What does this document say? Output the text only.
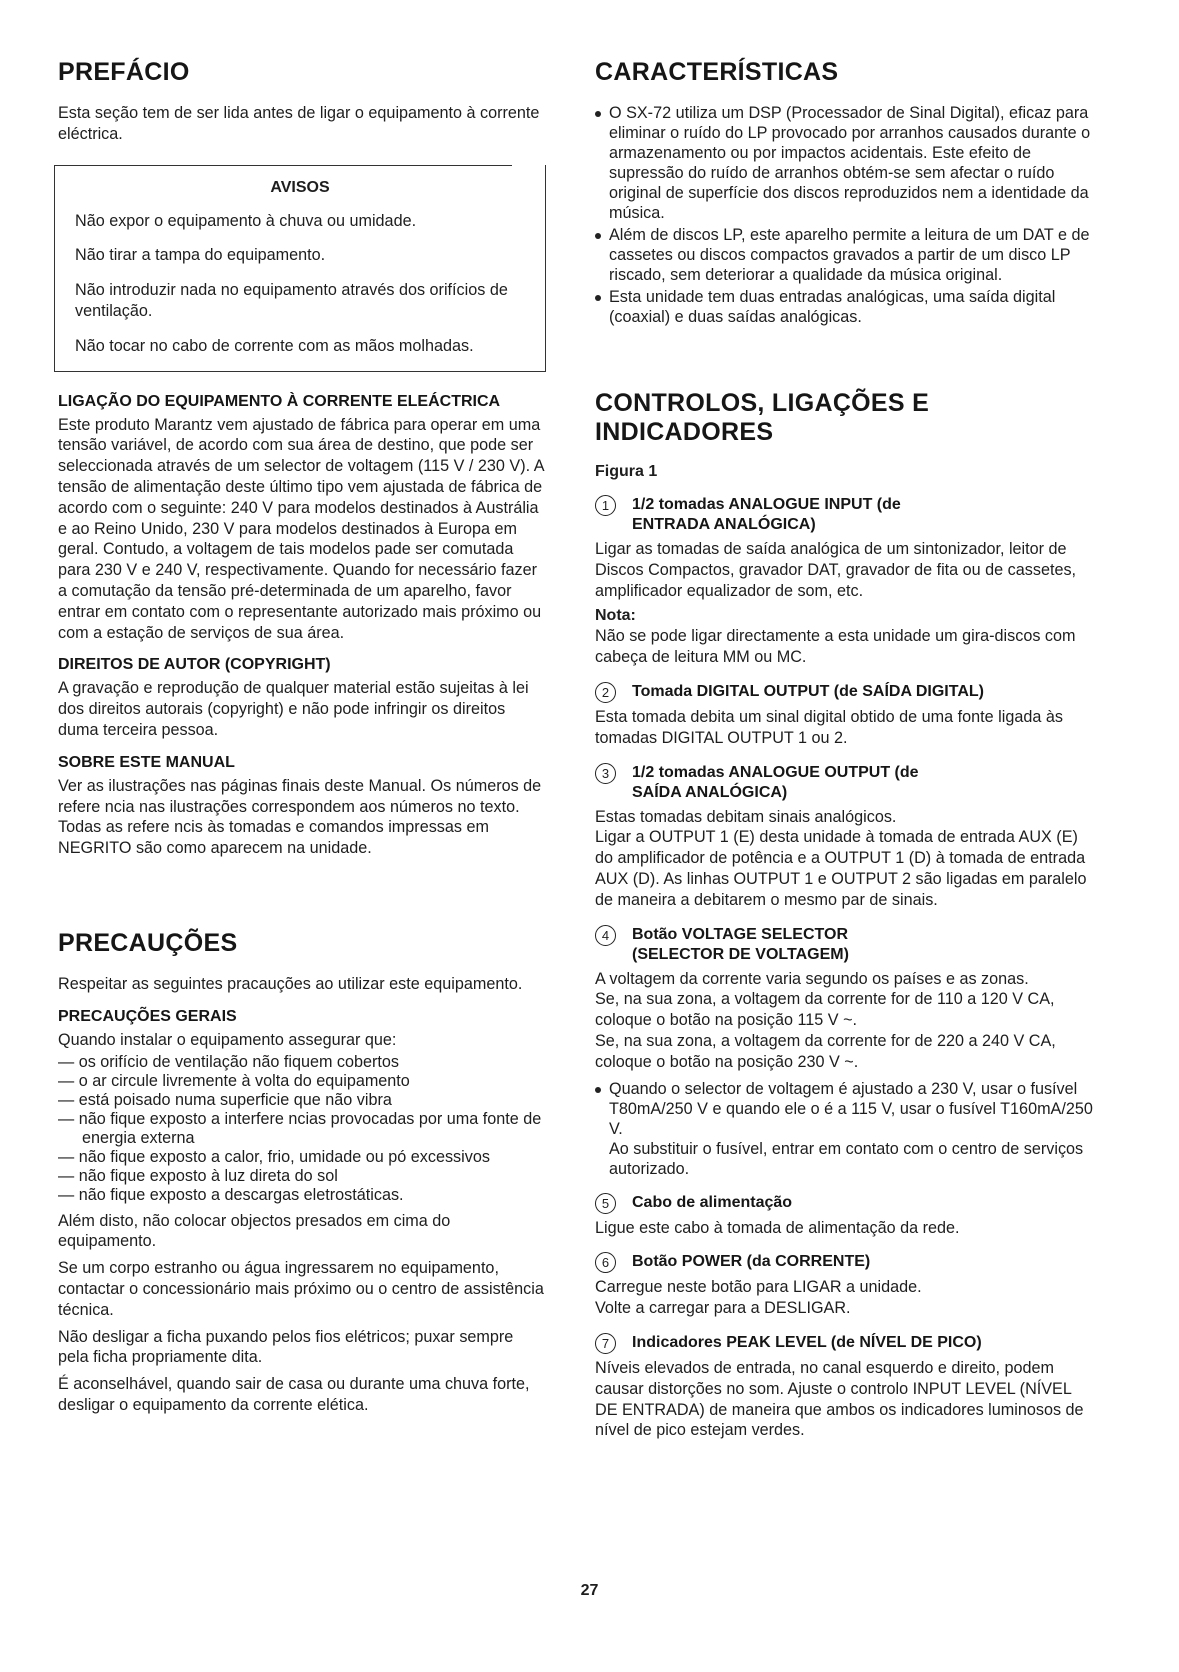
PREFÁCIO

Esta seção tem de ser lida antes de ligar o equipamento à corrente eléctrica.

AVISOS

Não expor o equipamento à chuva ou umidade.

Não tirar a tampa do equipamento.

Não introduzir nada no equipamento através dos orifícios de ventilação.

Não tocar no cabo de corrente com as mãos molhadas.

LIGAÇÃO DO EQUIPAMENTO À CORRENTE ELEÁCTRICA

Este produto Marantz vem ajustado de fábrica para operar em uma tensão variável, de acordo com sua área de destino, que pode ser seleccionada através de um selector de voltagem (115 V / 230 V). A tensão de alimentação deste último tipo vem ajustada de fábrica de acordo com o seguinte: 240 V para modelos destinados à Austrália e ao Reino Unido, 230 V para modelos destinados à Europa em geral. Contudo, a voltagem de tais modelos pade ser comutada para 230 V e 240 V, respectivamente. Quando for necessário fazer a comutação da tensão pré-determinada de um aparelho, favor entrar em contato com o representante autorizado mais próximo ou com a estação de serviços de sua área.

DIREITOS DE AUTOR (COPYRIGHT)

A gravação e reprodução de qualquer material estão sujeitas à lei dos direitos autorais (copyright) e não pode infringir os direitos duma terceira pessoa.

SOBRE ESTE MANUAL

Ver as ilustrações nas páginas finais deste Manual. Os números de refere ncia nas ilustrações correspondem aos números no texto. Todas as refere ncis às tomadas e comandos impressas em NEGRITO são como aparecem na unidade.

PRECAUÇÕES

Respeitar as seguintes pracauções ao utilizar este equipamento.

PRECAUÇÕES GERAIS

Quando instalar o equipamento assegurar que:

— os orifício de ventilação não fiquem cobertos
— o ar circule livremente à volta do equipamento
— está poisado numa superficie que não vibra
— não fique exposto a interfere ncias provocadas por uma fonte de energia externa
— não fique exposto a calor, frio, umidade ou pó excessivos
— não fique exposto à luz direta do sol
— não fique exposto a descargas eletrostáticas.

Além disto, não colocar objectos presados em cima do equipamento.

Se um corpo estranho ou água ingressarem no equipamento, contactar o concessionário mais próximo ou o centro de assistência técnica.

Não desligar a ficha puxando pelos fios elétricos; puxar sempre pela ficha propriamente dita.

É aconselhável, quando sair de casa ou durante uma chuva forte, desligar o equipamento da corrente elética.

CARACTERÍSTICAS
O SX-72 utiliza um DSP (Processador de Sinal Digital), eficaz para eliminar o ruído do LP provocado por arranhos causados durante o armazenamento ou por impactos acidentais. Este efeito de supressão do ruído de arranhos obtém-se sem afectar o ruído original de superfície dos discos reproduzidos nem a identidade da música.
Além de discos LP, este aparelho permite a leitura de um DAT e de cassetes ou discos compactos gravados a partir de um disco LP riscado, sem deteriorar a qualidade da música original.
Esta unidade tem duas entradas analógicas, uma saída digital (coaxial) e duas saídas analógicas.
CONTROLOS, LIGAÇÕES E INDICADORES
Figura 1
1	1/2 tomadas ANALOGUE INPUT (de ENTRADA ANALÓGICA)

Ligar as tomadas de saída analógica de um sintonizador, leitor de Discos Compactos, gravador DAT, gravador de fita ou de cassetes, amplificador equalizador de som, etc.

Nota:

Não se pode ligar directamente a esta unidade um gira-discos com cabeça de leitura MM ou MC.

2	Tomada DIGITAL OUTPUT (de SAÍDA DIGITAL)

Esta tomada debita um sinal digital obtido de uma fonte ligada às tomadas DIGITAL OUTPUT 1 ou 2.

3	1/2 tomadas ANALOGUE OUTPUT (de SAÍDA ANALÓGICA)

Estas tomadas debitam sinais analógicos.

Ligar a OUTPUT 1 (E) desta unidade à tomada de entrada AUX (E) do amplificador de potência e a OUTPUT 1 (D) à tomada de entrada AUX (D). As linhas OUTPUT 1 e OUTPUT 2 são ligadas em paralelo de maneira a debitarem o mesmo par de sinais.

4	Botão VOLTAGE SELECTOR (SELECTOR DE VOLTAGEM)

A voltagem da corrente varia segundo os países e as zonas.

Se, na sua zona, a voltagem da corrente for de 110 a 120 V CA, coloque o botão na posição 115 V ~.

Se, na sua zona, a voltagem da corrente for de 220 a 240 V CA, coloque o botão na posição 230 V ~.

Quando o selector de voltagem é ajustado a 230 V, usar o fusível T80mA/250 V e quando ele o é a 115 V, usar o fusível T160mA/250 V.
Ao substituir o fusível, entrar em contato com o centro de serviços autorizado.
5	Cabo de alimentação

Ligue este cabo à tomada de alimentação da rede.

6	Botão POWER (da CORRENTE)

Carregue neste botão para LIGAR a unidade.

Volte a carregar para a DESLIGAR.

7	Indicadores PEAK LEVEL (de NÍVEL DE PICO)

Níveis elevados de entrada, no canal esquerdo e direito, podem causar distorções no som. Ajuste o controlo INPUT LEVEL (NÍVEL DE ENTRADA) de maneira que ambos os indicadores luminosos de nível de pico estejam verdes.

27
